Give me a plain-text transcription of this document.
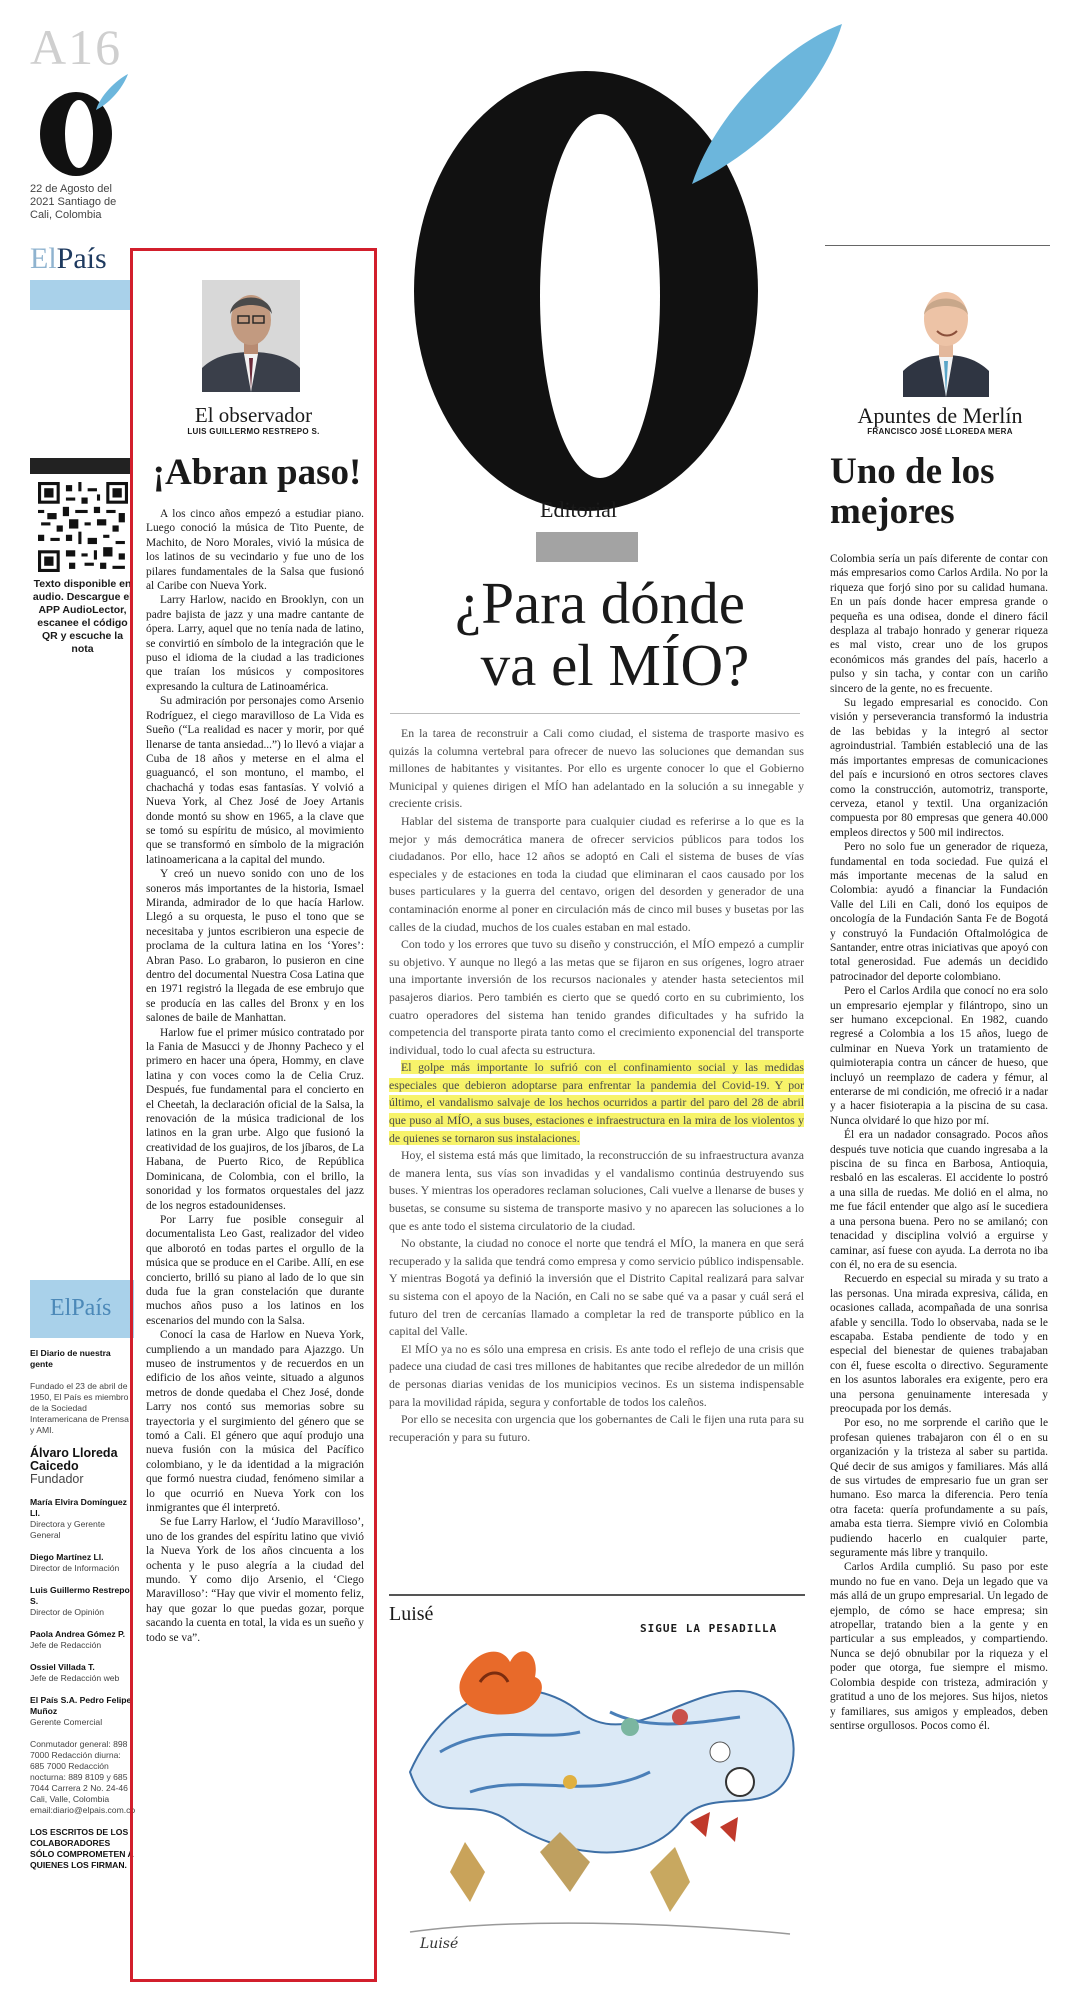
A16
22 de Agosto del 2021 Santiago de Cali, Colombia
ElPaís
Texto disponible en audio. Descargue el APP AudioLector, escanee el código QR y escuche la nota
ElPaís

El Diario de nuestra gente

Fundado el 23 de abril de 1950, El País es miembro de la Sociedad Interamericana de Prensa y AMI.

Álvaro Lloreda Caicedo
Fundador

María Elvira Domínguez Ll.
Directora y Gerente General

Diego Martínez Ll.
Director de Información

Luis Guillermo Restrepo S.
Director de Opinión

Paola Andrea Gómez P.
Jefe de Redacción

Ossiel Villada T.
Jefe de Redacción web

El País S.A. Pedro Felipe Muñoz
Gerente Comercial

Conmutador general: 898 7000 Redacción diurna: 685 7000 Redacción nocturna: 889 8109 y 685 7044 Carrera 2 No. 24-46 Cali, Valle, Colombia email:diario@elpais.com.co

LOS ESCRITOS DE LOS COLABORADORES SÓLO COMPROMETEN A QUIENES LOS FIRMAN.

El observador
LUIS GUILLERMO RESTREPO S.
¡Abran paso!

A los cinco años empezó a estudiar piano. Luego conoció la música de Tito Puente, de Machito, de Noro Morales, vivió la música de los latinos de su vecindario y fue uno de los pilares fundamentales de la Salsa que fusionó al Caribe con Nueva York.

Larry Harlow, nacido en Brooklyn, con un padre bajista de jazz y una madre cantante de ópera. Larry, aquel que no tenía nada de latino, se convirtió en símbolo de la integración que le puso el idioma de la ciudad a las tradiciones que traían los músicos y compositores expresando la cultura de Latinoamérica.

Su admiración por personajes como Arsenio Rodríguez, el ciego maravilloso de La Vida es Sueño (“La realidad es nacer y morir, por qué llenarse de tanta ansiedad...”) lo llevó a viajar a Cuba de 18 años y meterse en el alma el guaguancó, el son montuno, el mambo, el chachachá y todas esas fantasías. Y volvió a Nueva York, al Chez José de Joey Artanis donde montó su show en 1965, a la clave que se tomó su espíritu de músico, al movimiento que se transformó en símbolo de la migración latinoamericana a la capital del mundo.

Y creó un nuevo sonido con uno de los soneros más importantes de la historia, Ismael Miranda, admirador de lo que hacía Harlow. Llegó a su orquesta, le puso el tono que se necesitaba y juntos escribieron una especie de proclama de la cultura latina en los ‘Yores’: Abran Paso. Lo grabaron, lo pusieron en cine dentro del documental Nuestra Cosa Latina que en 1971 registró la llegada de ese embrujo que se producía en las calles del Bronx y en los salones de baile de Manhattan.

Harlow fue el primer músico contratado por la Fania de Masucci y de Jhonny Pacheco y el primero en hacer una ópera, Hommy, en clave latina y con voces como la de Celia Cruz. Después, fue fundamental para el concierto en el Cheetah, la declaración oficial de la Salsa, la renovación de la música tradicional de los latinos en la gran urbe. Algo que fusionó la creatividad de los guajiros, de los jíbaros, de La Habana, de Puerto Rico, de República Dominicana, de Colombia, con el brillo, la sonoridad y los formatos orquestales del jazz de los negros estadounidenses.

Por Larry fue posible conseguir al documentalista Leo Gast, realizador del video que alborotó en todas partes el orgullo de la música que se produce en el Caribe. Allí, en ese concierto, brilló su piano al lado de lo que sin duda fue la gran constelación que durante muchos años puso a los latinos en los escenarios del mundo con la Salsa.

Conocí la casa de Harlow en Nueva York, cumpliendo a un mandado para Ajazzgo. Un museo de instrumentos y de recuerdos en un edificio de los años veinte, situado a algunos metros de donde quedaba el Chez José, donde Larry nos contó sus memorias sobre su trayectoria y el surgimiento del género que se tomó a Cali. El género que aquí produjo una nueva fusión con la música del Pacífico colombiano, y le da identidad a la migración que formó nuestra ciudad, fenómeno similar a lo que ocurrió en Nueva York con los inmigrantes que él interpretó.

Se fue Larry Harlow, el ‘Judío Maravilloso’, uno de los grandes del espíritu latino que vivió la Nueva York de los años cincuenta a los ochenta y le puso alegría a la ciudad del mundo. Y como dijo Arsenio, el ‘Ciego Maravilloso’: “Hay que vivir el momento feliz, hay que gozar lo que puedas gozar, porque sacando la cuenta en total, la vida es un sueño y todo se va”.

Editorial
¿Para dónde
va el MÍO?

En la tarea de reconstruir a Cali como ciudad, el sistema de trasporte masivo es quizás la columna vertebral para ofrecer de nuevo las soluciones que demandan sus millones de habitantes y visitantes. Por ello es urgente conocer lo que el Gobierno Municipal y quienes dirigen el MÍO han adelantado en la solución a su innegable y creciente crisis.

Hablar del sistema de transporte para cualquier ciudad es referirse a lo que es la mejor y más democrática manera de ofrecer servicios públicos para todos los ciudadanos. Por ello, hace 12 años se adoptó en Cali el sistema de buses de vías especiales y de estaciones en toda la ciudad que eliminaran el caos causado por los buses particulares y la guerra del centavo, origen del desorden y generador de una contaminación enorme al poner en circulación más de cinco mil buses y busetas por las calles de la ciudad, muchos de los cuales estaban en mal estado.

Con todo y los errores que tuvo su diseño y construcción, el MÍO empezó a cumplir su objetivo. Y aunque no llegó a las metas que se fijaron en sus orígenes, logro atraer una importante inversión de los recursos nacionales y atender hasta setecientos mil pasajeros diarios. Pero también es cierto que se quedó corto en su cubrimiento, los cuatro operadores del sistema han tenido grandes dificultades y ha sufrido la competencia del transporte pirata tanto como el crecimiento exponencial del transporte individual, todo lo cual afecta su estructura.

El golpe más importante lo sufrió con el confinamiento social y las medidas especiales que debieron adoptarse para enfrentar la pandemia del Covid-19. Y por último, el vandalismo salvaje de los hechos ocurridos a partir del paro del 28 de abril que puso al MÍO, a sus buses, estaciones e infraestructura en la mira de los violentos y de quienes se tornaron sus instalaciones.

Hoy, el sistema está más que limitado, la reconstrucción de su infraestructura avanza de manera lenta, sus vías son invadidas y el vandalismo continúa destruyendo sus buses. Y mientras los operadores reclaman soluciones, Cali vuelve a llenarse de buses y busetas, se consume su sistema de transporte masivo y no aparecen las soluciones a lo que es ante todo el sistema circulatorio de la ciudad.

No obstante, la ciudad no conoce el norte que tendrá el MÍO, la manera en que será recuperado y la salida que tendrá como empresa y como servicio público indispensable. Y mientras Bogotá ya definió la inversión que el Distrito Capital realizará para salvar su sistema con el apoyo de la Nación, en Cali no se sabe qué va a pasar y cuál será el futuro del tren de cercanías llamado a completar la red de transporte público en la capital del Valle.

El MÍO ya no es sólo una empresa en crisis. Es ante todo el reflejo de una crisis que padece una ciudad de casi tres millones de habitantes que recibe alrededor de un millón de personas diarias venidas de los municipios vecinos. Es un sistema indispensable para la movilidad rápida, segura y confortable de todos los caleños.

Por ello se necesita con urgencia que los gobernantes de Cali le fijen una ruta para su recuperación y para su futuro.

Luisé
Luisé
SIGUE LA PESADILLA
Apuntes de Merlín
FRANCISCO JOSÉ LLOREDA MERA
Uno de los mejores

Colombia sería un país diferente de contar con más empresarios como Carlos Ardila. No por la riqueza que forjó sino por su calidad humana. En un país donde hacer empresa grande o pequeña es una odisea, donde el dinero fácil desplaza al trabajo honrado y generar riqueza es mal visto, crear uno de los grupos económicos más grandes del país, hacerlo a pulso y sin tacha, y contar con un cariño sincero de la gente, no es frecuente.

Su legado empresarial es conocido. Con visión y perseverancia transformó la industria de las bebidas y la integró al sector agroindustrial. También estableció una de las más importantes empresas de comunicaciones del país e incursionó en otros sectores claves como la construcción, automotriz, transporte, cerveza, etanol y textil. Una organización compuesta por 80 empresas que genera 40.000 empleos directos y 500 mil indirectos.

Pero no solo fue un generador de riqueza, fundamental en toda sociedad. Fue quizá el más importante mecenas de la salud en Colombia: ayudó a financiar la Fundación Valle del Lili en Cali, donó los equipos de oncología de la Fundación Santa Fe de Bogotá y construyó la Fundación Oftalmológica de Santander, entre otras iniciativas que apoyó con total generosidad. Fue además un decidido patrocinador del deporte colombiano.

Pero el Carlos Ardila que conocí no era solo un empresario ejemplar y filántropo, sino un ser humano excepcional. En 1982, cuando regresé a Colombia a los 15 años, luego de culminar en Nueva York un tratamiento de quimioterapia contra un cáncer de hueso, que incluyó un reemplazo de cadera y fémur, al enterarse de mi condición, me ofreció ir a nadar y a hacer fisioterapia a la piscina de su casa. Nunca olvidaré lo que hizo por mí.

Él era un nadador consagrado. Pocos años después tuve noticia que cuando ingresaba a la piscina de su finca en Barbosa, Antioquia, resbaló en las escaleras. El accidente lo postró a una silla de ruedas. Me dolió en el alma, no me fue fácil entender que algo así le sucediera a una persona buena. Pero no se amilanó; con tenacidad y disciplina volvió a erguirse y caminar, así fuese con ayuda. La derrota no iba con él, no era de su esencia.

Recuerdo en especial su mirada y su trato a las personas. Una mirada expresiva, cálida, en ocasiones callada, acompañada de una sonrisa afable y sencilla. Todo lo observaba, nada se le escapaba. Estaba pendiente de todo y en especial del bienestar de quienes trabajaban con él, fuese escolta o directivo. Seguramente en los asuntos laborales era exigente, pero era una persona genuinamente interesada y preocupada por los demás.

Por eso, no me sorprende el cariño que le profesan quienes trabajaron con él o en su organización y la tristeza al saber su partida. Qué decir de sus amigos y familiares. Más allá de sus virtudes de empresario fue un gran ser humano. Eso marca la diferencia. Pero tenía otra faceta: quería profundamente a su país, amaba esta tierra. Siempre vivió en Colombia pudiendo hacerlo en cualquier parte, seguramente más libre y tranquilo.

Carlos Ardila cumplió. Su paso por este mundo no fue en vano. Deja un legado que va más allá de un grupo empresarial. Un legado de ejemplo, de cómo se hace empresa; sin atropellar, tratando bien a la gente y en particular a sus empleados, y compartiendo. Nunca se dejó obnubilar por la riqueza y el poder que otorga, fue siempre el mismo. Colombia despide con tristeza, admiración y gratitud a uno de los mejores. Sus hijos, nietos y familiares, sus amigos y empleados, deben sentirse orgullosos. Pocos como él.
